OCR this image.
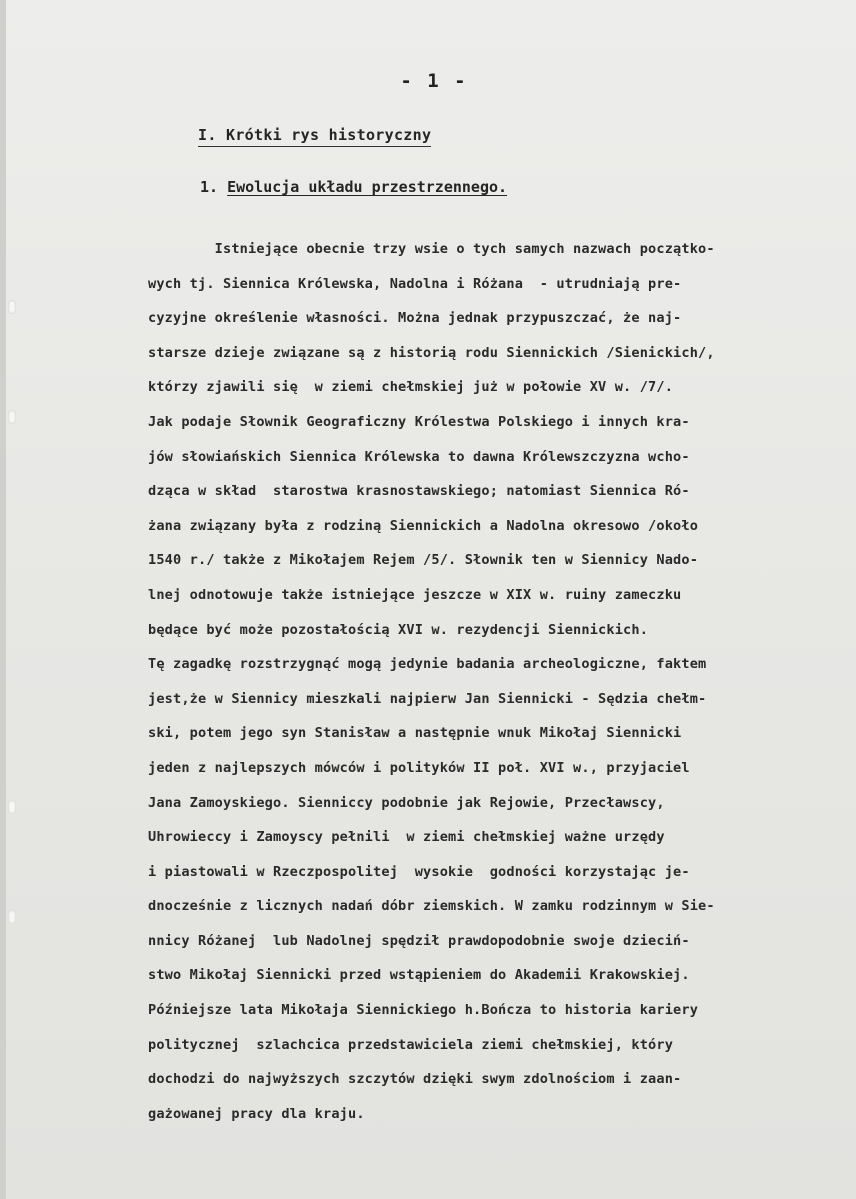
- 1 -
I. Krótki rys historyczny
1. Ewolucja układu przestrzennego.
Istniejące obecnie trzy wsie o tych samych nazwach początko-
wych tj. Siennica Królewska, Nadolna i Różana  - utrudniają pre-
cyzyjne określenie własności. Można jednak przypuszczać, że naj-
starsze dzieje związane są z historią rodu Siennickich /Sienickich/,
którzy zjawili się  w ziemi chełmskiej już w połowie XV w. /7/.
Jak podaje Słownik Geograficzny Królestwa Polskiego i innych kra-
jów słowiańskich Siennica Królewska to dawna Królewszczyzna wcho-
dząca w skład  starostwa krasnostawskiego; natomiast Siennica Ró-
żana związany była z rodziną Siennickich a Nadolna okresowo /około
1540 r./ także z Mikołajem Rejem /5/. Słownik ten w Siennicy Nado-
lnej odnotowuje także istniejące jeszcze w XIX w. ruiny zameczku
będące być może pozostałością XVI w. rezydencji Siennickich.
Tę zagadkę rozstrzygnąć mogą jedynie badania archeologiczne, faktem
jest,że w Siennicy mieszkali najpierw Jan Siennicki - Sędzia chełm-
ski, potem jego syn Stanisław a następnie wnuk Mikołaj Siennicki
jeden z najlepszych mówców i polityków II poł. XVI w., przyjaciel
Jana Zamoyskiego. Sienniccy podobnie jak Rejowie, Przecławscy,
Uhrowieccy i Zamoyscy pełnili  w ziemi chełmskiej ważne urzędy
i piastowali w Rzeczpospolitej  wysokie  godności korzystając je-
dnocześnie z licznych nadań dóbr ziemskich. W zamku rodzinnym w Sie-
nnicy Różanej  lub Nadolnej spędził prawdopodobnie swoje dzieciń-
stwo Mikołaj Siennicki przed wstąpieniem do Akademii Krakowskiej.
Późniejsze lata Mikołaja Siennickiego h.Bończa to historia kariery
politycznej  szlachcica przedstawiciela ziemi chełmskiej, który
dochodzi do najwyższych szczytów dzięki swym zdolnościom i zaan-
gażowanej pracy dla kraju.
